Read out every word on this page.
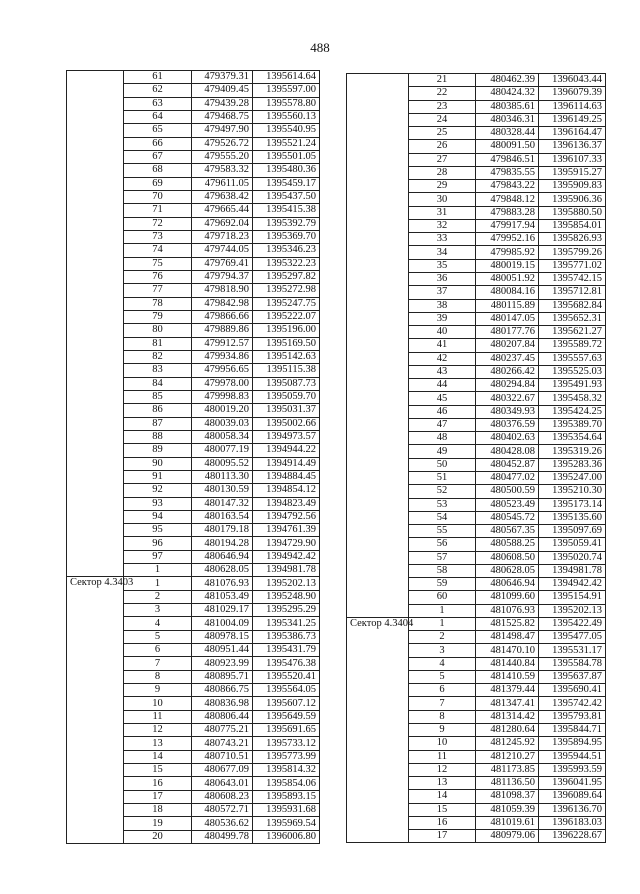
488
	61	479379.31	1395614.64
	62	479409.45	1395597.00
	63	479439.28	1395578.80
	64	479468.75	1395560.13
	65	479497.90	1395540.95
	66	479526.72	1395521.24
	67	479555.20	1395501.05
	68	479583.32	1395480.36
	69	479611.05	1395459.17
	70	479638.42	1395437.50
	71	479665.44	1395415.38
	72	479692.04	1395392.79
	73	479718.23	1395369.70
	74	479744.05	1395346.23
	75	479769.41	1395322.23
	76	479794.37	1395297.82
	77	479818.90	1395272.98
	78	479842.98	1395247.75
	79	479866.66	1395222.07
	80	479889.86	1395196.00
	81	479912.57	1395169.50
	82	479934.86	1395142.63
	83	479956.65	1395115.38
	84	479978.00	1395087.73
	85	479998.83	1395059.70
	86	480019.20	1395031.37
	87	480039.03	1395002.66
	88	480058.34	1394973.57
	89	480077.19	1394944.22
	90	480095.52	1394914.49
	91	480113.30	1394884.45
	92	480130.59	1394854.12
	93	480147.32	1394823.49
	94	480163.54	1394792.56
	95	480179.18	1394761.39
	96	480194.28	1394729.90
	97	480646.94	1394942.42
	1	480628.05	1394981.78
Сектор 4.3403	1	481076.93	1395202.13
	2	481053.49	1395248.90
	3	481029.17	1395295.29
	4	481004.09	1395341.25
	5	480978.15	1395386.73
	6	480951.44	1395431.79
	7	480923.99	1395476.38
	8	480895.71	1395520.41
	9	480866.75	1395564.05
	10	480836.98	1395607.12
	11	480806.44	1395649.59
	12	480775.21	1395691.65
	13	480743.21	1395733.12
	14	480710.51	1395773.99
	15	480677.09	1395814.32
	16	480643.01	1395854.06
	17	480608.23	1395893.15
	18	480572.71	1395931.68
	19	480536.62	1395969.54
	20	480499.78	1396006.80
	21	480462.39	1396043.44
	22	480424.32	1396079.39
	23	480385.61	1396114.63
	24	480346.31	1396149.25
	25	480328.44	1396164.47
	26	480091.50	1396136.37
	27	479846.51	1396107.33
	28	479835.55	1395915.27
	29	479843.22	1395909.83
	30	479848.12	1395906.36
	31	479883.28	1395880.50
	32	479917.94	1395854.01
	33	479952.16	1395826.93
	34	479985.92	1395799.26
	35	480019.15	1395771.02
	36	480051.92	1395742.15
	37	480084.16	1395712.81
	38	480115.89	1395682.84
	39	480147.05	1395652.31
	40	480177.76	1395621.27
	41	480207.84	1395589.72
	42	480237.45	1395557.63
	43	480266.42	1395525.03
	44	480294.84	1395491.93
	45	480322.67	1395458.32
	46	480349.93	1395424.25
	47	480376.59	1395389.70
	48	480402.63	1395354.64
	49	480428.08	1395319.26
	50	480452.87	1395283.36
	51	480477.02	1395247.00
	52	480500.59	1395210.30
	53	480523.49	1395173.14
	54	480545.72	1395135.60
	55	480567.35	1395097.69
	56	480588.25	1395059.41
	57	480608.50	1395020.74
	58	480628.05	1394981.78
	59	480646.94	1394942.42
	60	481099.60	1395154.91
	1	481076.93	1395202.13
Сектор 4.3404	1	481525.82	1395422.49
	2	481498.47	1395477.05
	3	481470.10	1395531.17
	4	481440.84	1395584.78
	5	481410.59	1395637.87
	6	481379.44	1395690.41
	7	481347.41	1395742.42
	8	481314.42	1395793.81
	9	481280.64	1395844.71
	10	481245.92	1395894.95
	11	481210.27	1395944.51
	12	481173.85	1395993.59
	13	481136.50	1396041.95
	14	481098.37	1396089.64
	15	481059.39	1396136.70
	16	481019.61	1396183.03
	17	480979.06	1396228.67
